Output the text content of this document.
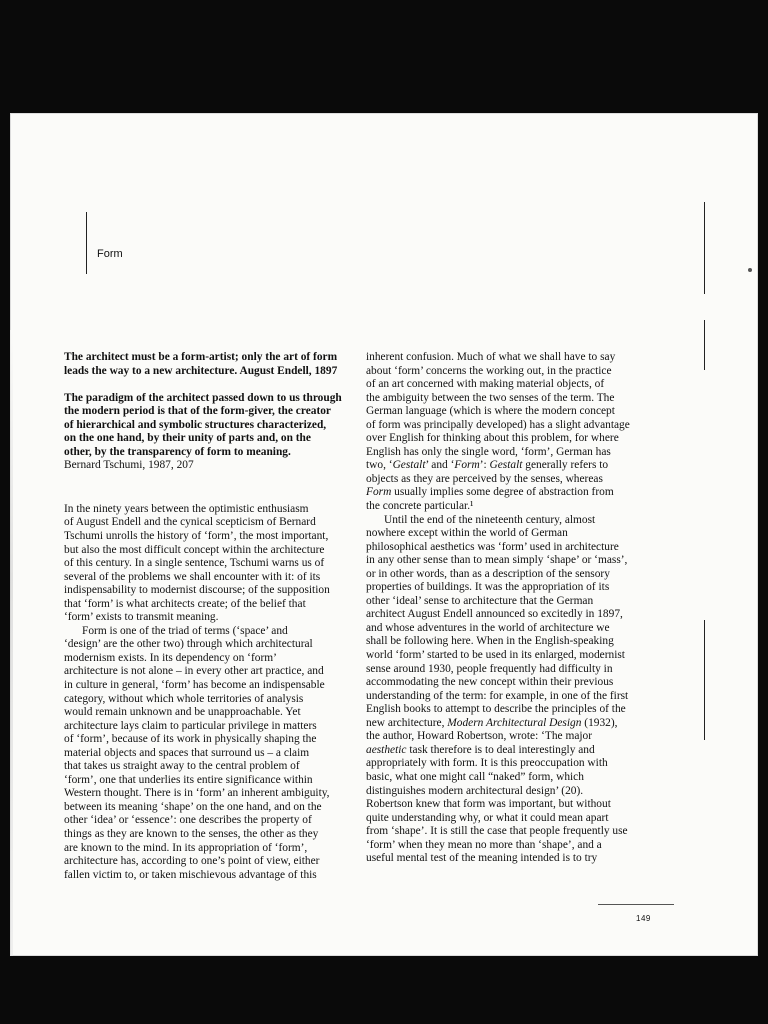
Form
The architect must be a form-artist; only the art of form
leads the way to a new architecture. August Endell, 1897
The paradigm of the architect passed down to us through
the modern period is that of the form-giver, the creator
of hierarchical and symbolic structures characterized,
on the one hand, by their unity of parts and, on the
other, by the transparency of form to meaning.
Bernard Tschumi, 1987, 207
In the ninety years between the optimistic enthusiasm
of August Endell and the cynical scepticism of Bernard
Tschumi unrolls the history of ‘form’, the most important,
but also the most difficult concept within the architecture
of this century. In a single sentence, Tschumi warns us of
several of the problems we shall encounter with it: of its
indispensability to modernist discourse; of the supposition
that ‘form’ is what architects create; of the belief that
‘form’ exists to transmit meaning.
Form is one of the triad of terms (‘space’ and
‘design’ are the other two) through which architectural
modernism exists. In its dependency on ‘form’
architecture is not alone – in every other art practice, and
in culture in general, ‘form’ has become an indispensable
category, without which whole territories of analysis
would remain unknown and be unapproachable. Yet
architecture lays claim to particular privilege in matters
of ‘form’, because of its work in physically shaping the
material objects and spaces that surround us – a claim
that takes us straight away to the central problem of
‘form’, one that underlies its entire significance within
Western thought. There is in ‘form’ an inherent ambiguity,
between its meaning ‘shape’ on the one hand, and on the
other ‘idea’ or ‘essence’: one describes the property of
things as they are known to the senses, the other as they
are known to the mind. In its appropriation of ‘form’,
architecture has, according to one’s point of view, either
fallen victim to, or taken mischievous advantage of this
inherent confusion. Much of what we shall have to say
about ‘form’ concerns the working out, in the practice
of an art concerned with making material objects, of
the ambiguity between the two senses of the term. The
German language (which is where the modern concept
of form was principally developed) has a slight advantage
over English for thinking about this problem, for where
English has only the single word, ‘form’, German has
two, ‘Gestalt’ and ‘Form’: Gestalt generally refers to
objects as they are perceived by the senses, whereas
Form usually implies some degree of abstraction from
the concrete particular.¹
Until the end of the nineteenth century, almost
nowhere except within the world of German
philosophical aesthetics was ‘form’ used in architecture
in any other sense than to mean simply ‘shape’ or ‘mass’,
or in other words, than as a description of the sensory
properties of buildings. It was the appropriation of its
other ‘ideal’ sense to architecture that the German
architect August Endell announced so excitedly in 1897,
and whose adventures in the world of architecture we
shall be following here. When in the English-speaking
world ‘form’ started to be used in its enlarged, modernist
sense around 1930, people frequently had difficulty in
accommodating the new concept within their previous
understanding of the term: for example, in one of the first
English books to attempt to describe the principles of the
new architecture, Modern Architectural Design (1932),
the author, Howard Robertson, wrote: ‘The major
aesthetic task therefore is to deal interestingly and
appropriately with form. It is this preoccupation with
basic, what one might call “naked” form, which
distinguishes modern architectural design’ (20).
Robertson knew that form was important, but without
quite understanding why, or what it could mean apart
from ‘shape’. It is still the case that people frequently use
‘form’ when they mean no more than ‘shape’, and a
useful mental test of the meaning intended is to try
149
